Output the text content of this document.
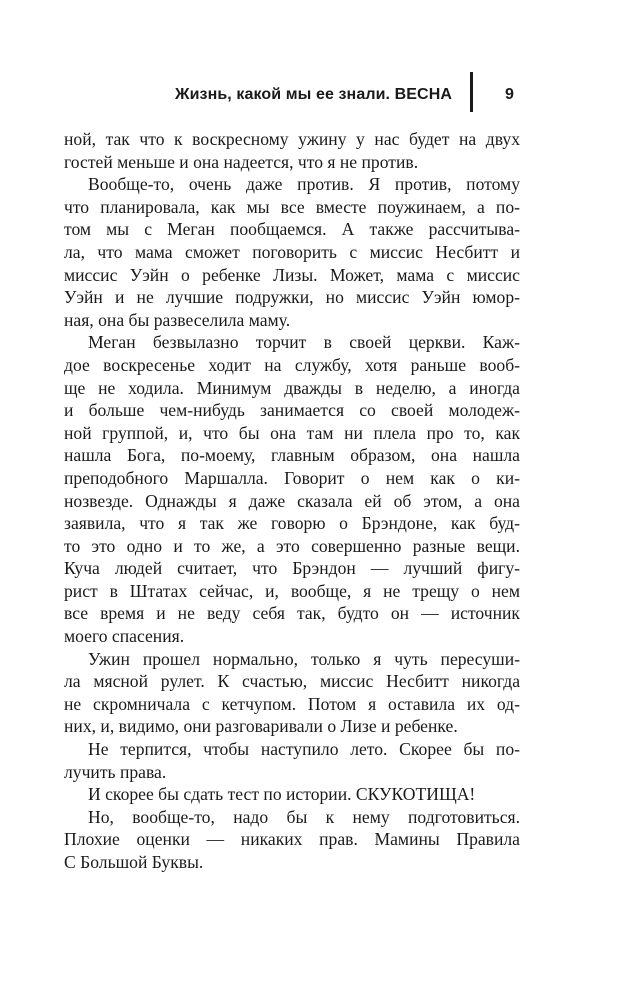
Жизнь, какой мы ее знали. ВЕСНА	9

ной, так что к воскресному ужину у нас будет на двух

гостей меньше и она надеется, что я не против.

Вообще-то, очень даже против. Я против, потому

что планировала, как мы все вместе поужинаем, а по-

том мы с Меган пообщаемся. А также рассчитыва-

ла, что мама сможет поговорить с миссис Несбитт и

миссис Уэйн о ребенке Лизы. Может, мама с миссис

Уэйн и не лучшие подружки, но миссис Уэйн юмор-

ная, она бы развеселила маму.

Меган безвылазно торчит в своей церкви. Каж-

дое воскресенье ходит на службу, хотя раньше вооб-

ще не ходила. Минимум дважды в неделю, а иногда

и больше чем-нибудь занимается со своей молодеж-

ной группой, и, что бы она там ни плела про то, как

нашла Бога, по-моему, главным образом, она нашла

преподобного Маршалла. Говорит о нем как о ки-

нозвезде. Однажды я даже сказала ей об этом, а она

заявила, что я так же говорю о Брэндоне, как буд-

то это одно и то же, а это совершенно разные вещи.

Куча людей считает, что Брэндон — лучший фигу-

рист в Штатах сейчас, и, вообще, я не трещу о нем

все время и не веду себя так, будто он — источник

моего спасения.

Ужин прошел нормально, только я чуть пересуши-

ла мясной рулет. К счастью, миссис Несбитт никогда

не скромничала с кетчупом. Потом я оставила их од-

них, и, видимо, они разговаривали о Лизе и ребенке.

Не терпится, чтобы наступило лето. Скорее бы по-

лучить права.

И скорее бы сдать тест по истории. СКУКОТИЩА!

Но, вообще-то, надо бы к нему подготовиться.

Плохие оценки — никаких прав. Мамины Правила

С Большой Буквы.
